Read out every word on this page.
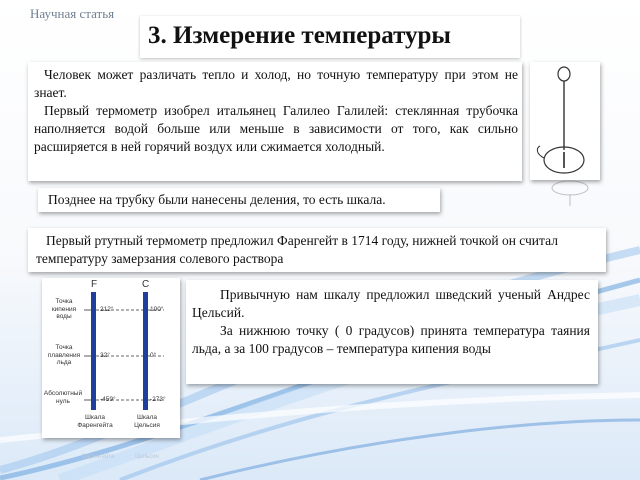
Научная статья
3. Измерение температуры

Человек может различать тепло и холод, но точную температуру при этом не знает.

Первый термометр изобрел итальянец Галилео Галилей: стеклянная трубочка наполняется водой больше или меньше в зависимости от того, как сильно расширяется в ней горячий воздух или сжимается холодный.

Позднее на трубку были нанесены деления, то есть шкала.

Первый ртутный термометр предложил Фаренгейт в 1714 году, нижней точкой он считал температуру замерзания солевого раствора

F	C
Точка
кипения
воды
Точка
плавления
льда
Абсолютный
нуль
212°
32°
-459°
100°
0°
-273°
Шкала
Фаренгейта
Шкала
Цельсия
Фаренгейта	Цельсия

Привычную нам шкалу предложил шведский ученый Андрес Цельсий.

За нижнюю точку ( 0 градусов) принята температура таяния льда, а за 100 градусов – температура кипения воды
